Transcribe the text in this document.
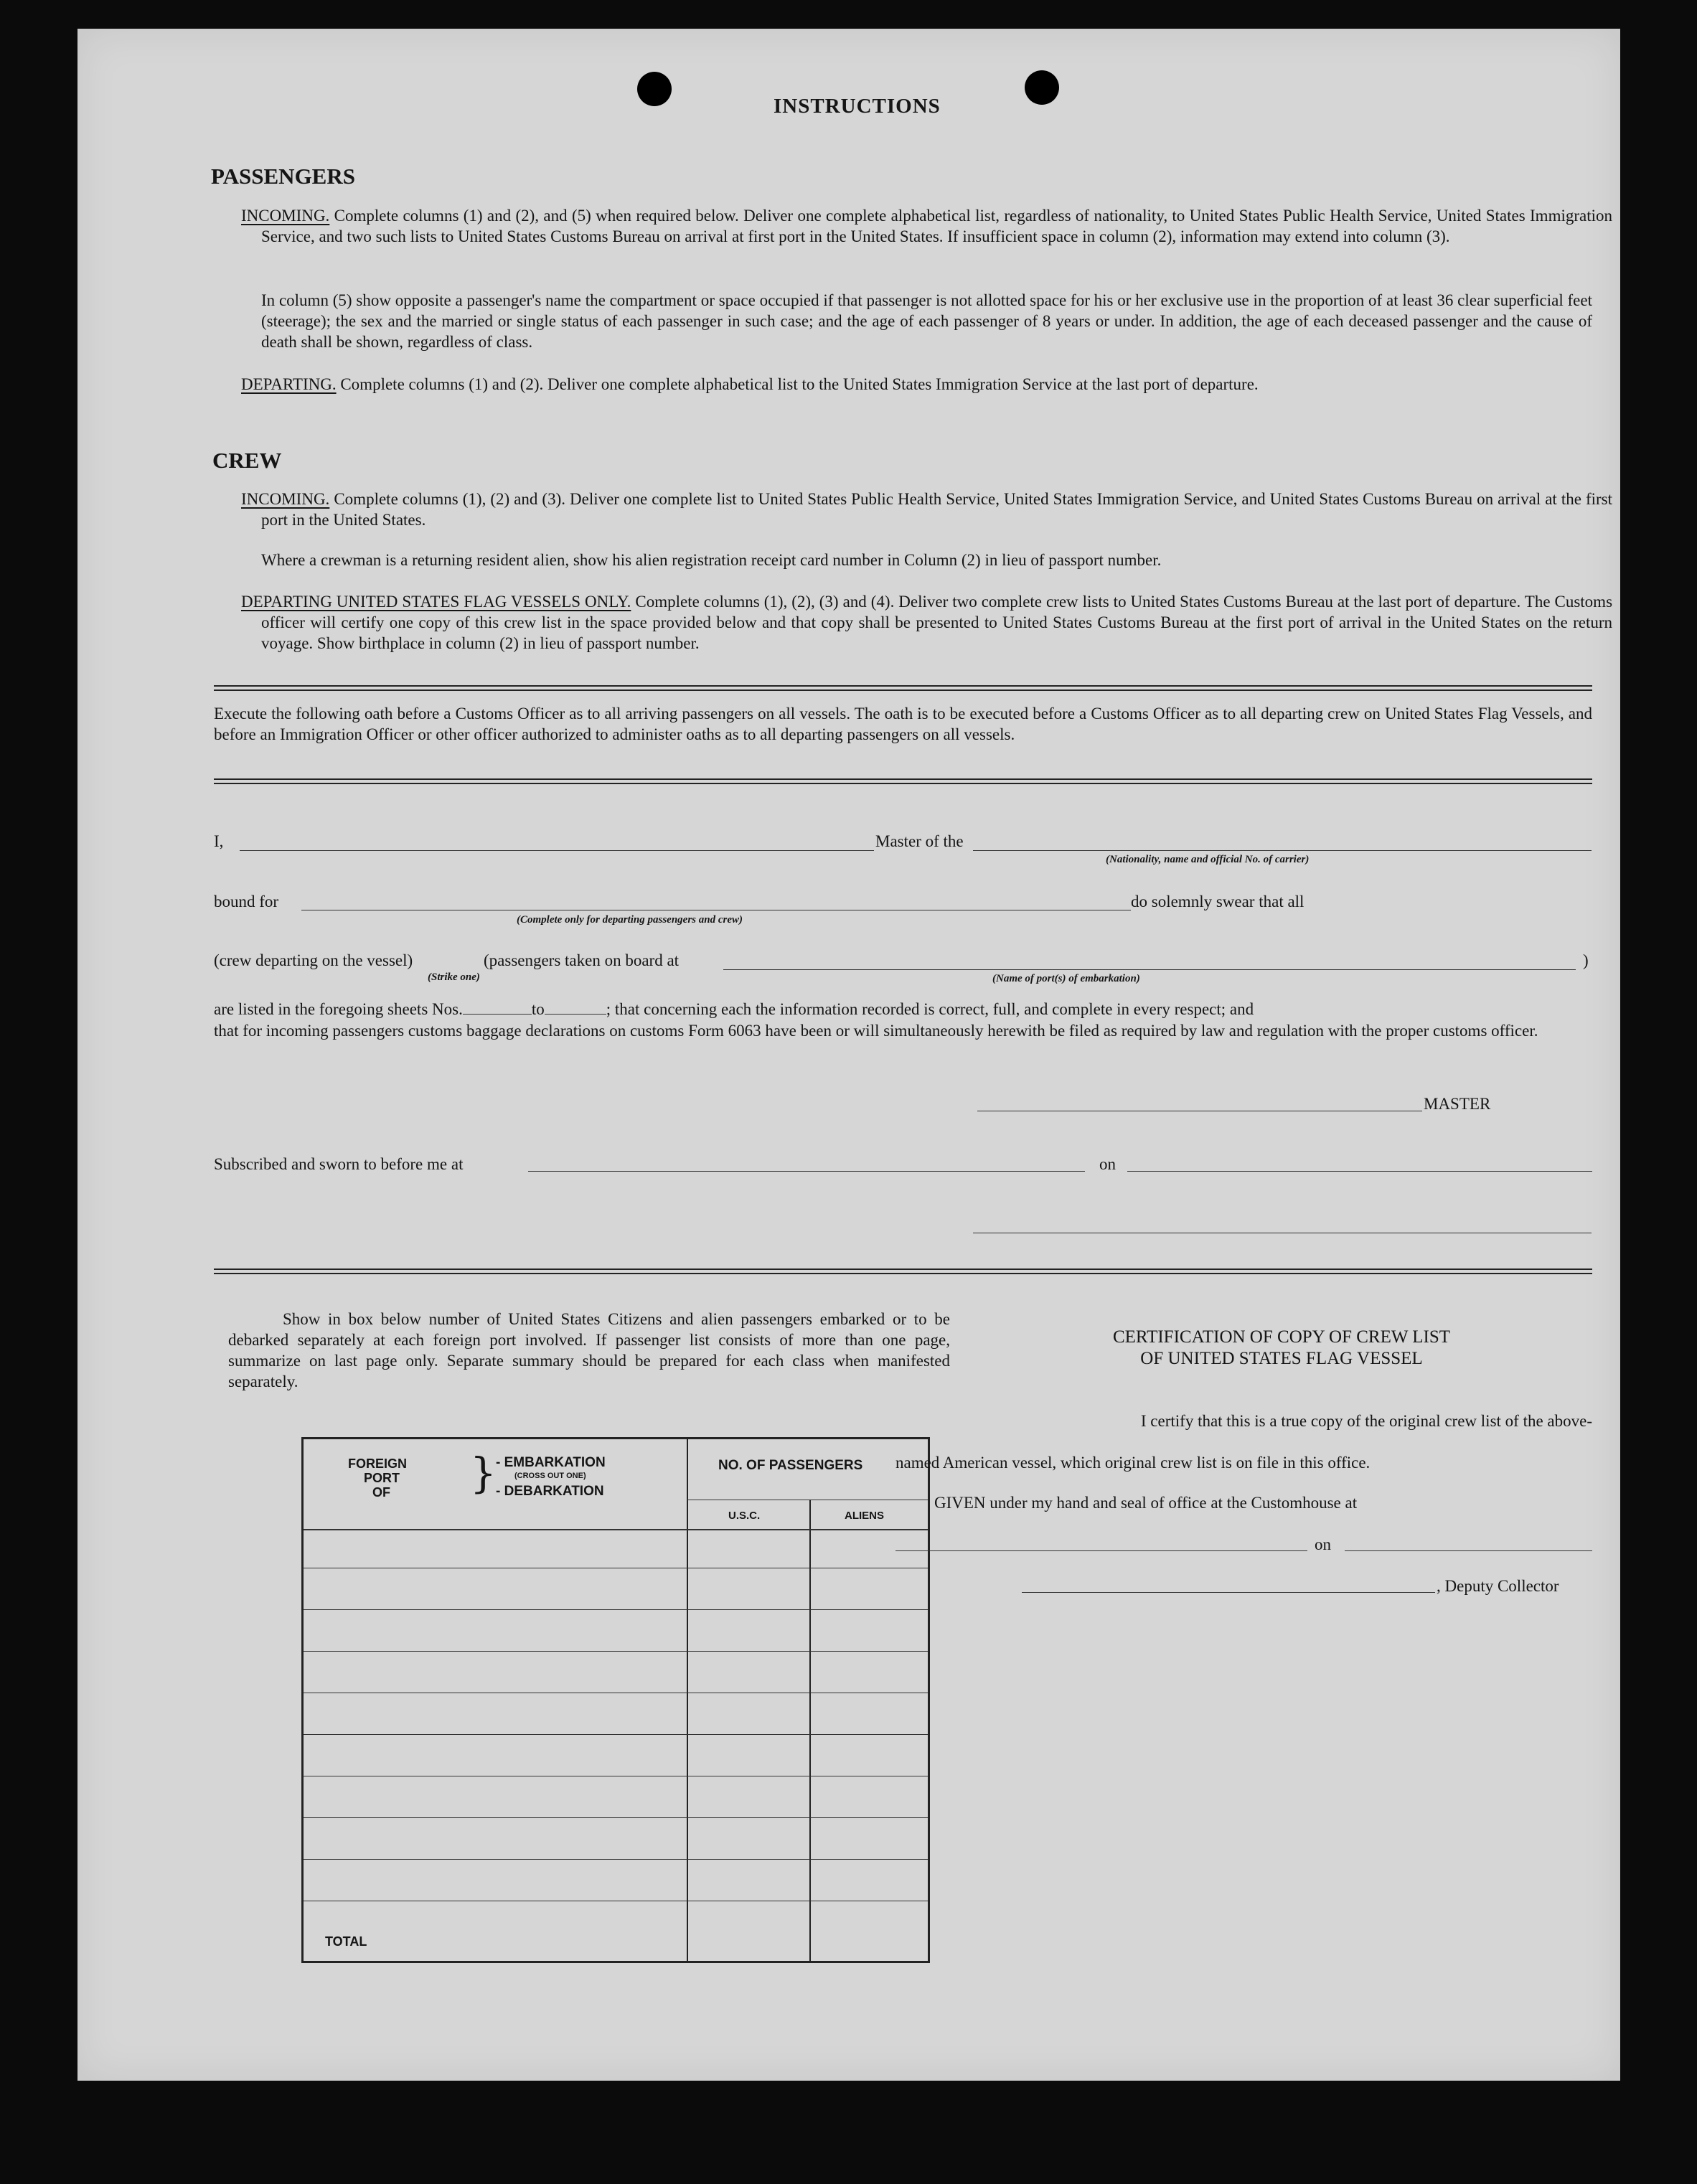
INSTRUCTIONS
PASSENGERS
INCOMING. Complete columns (1) and (2), and (5) when required below. Deliver one complete alphabetical list, regardless of nationality, to United States Public Health Service, United States Immigration Service, and two such lists to United States Customs Bureau on arrival at first port in the United States. If insufficient space in column (2), information may extend into column (3).
In column (5) show opposite a passenger's name the compartment or space occupied if that passenger is not allotted space for his or her exclusive use in the proportion of at least 36 clear superficial feet (steerage); the sex and the married or single status of each passenger in such case; and the age of each passenger of 8 years or under. In addition, the age of each deceased passenger and the cause of death shall be shown, regardless of class.
DEPARTING. Complete columns (1) and (2). Deliver one complete alphabetical list to the United States Immigration Service at the last port of departure.
CREW
INCOMING. Complete columns (1), (2) and (3). Deliver one complete list to United States Public Health Service, United States Immigration Service, and United States Customs Bureau on arrival at the first port in the United States.
Where a crewman is a returning resident alien, show his alien registration receipt card number in Column (2) in lieu of passport number.
DEPARTING UNITED STATES FLAG VESSELS ONLY. Complete columns (1), (2), (3) and (4). Deliver two complete crew lists to United States Customs Bureau at the last port of departure. The Customs officer will certify one copy of this crew list in the space provided below and that copy shall be presented to United States Customs Bureau at the first port of arrival in the United States on the return voyage. Show birthplace in column (2) in lieu of passport number.
Execute the following oath before a Customs Officer as to all arriving passengers on all vessels. The oath is to be executed before a Customs Officer as to all departing crew on United States Flag Vessels, and before an Immigration Officer or other officer authorized to administer oaths as to all departing passengers on all vessels.
I,	Master of the
(Nationality, name and official No. of carrier)
bound for
(Complete only for departing passengers and crew)
do solemnly swear that all
(crew departing on the vessel)
(Strike one)
(passengers taken on board at	)
(Name of port(s) of embarkation)
are listed in the foregoing sheets Nos.	to	; that concerning each the information recorded is correct, full, and complete in every respect; and
that for incoming passengers customs baggage declarations on customs Form 6063 have been or will simultaneously herewith be filed as required by law and regulation with the proper customs officer.
MASTER
Subscribed and sworn to before me at	on
Show in box below number of United States Citizens and alien passengers embarked or to be debarked separately at each foreign port involved. If passenger list consists of more than one page, summarize on last page only. Separate summary should be prepared for each class when manifested separately.
FOREIGN
PORT
OF } - EMBARKATION
(CROSS OUT ONE)
- DEBARKATION
NO. OF PASSENGERS
U.S.C.	ALIENS
TOTAL
CERTIFICATION OF COPY OF CREW LIST
OF UNITED STATES FLAG VESSEL
I certify that this is a true copy of the original crew list of the above-
named American vessel, which original crew list is on file in this office.
GIVEN under my hand and seal of office at the Customhouse at
on
, Deputy Collector
